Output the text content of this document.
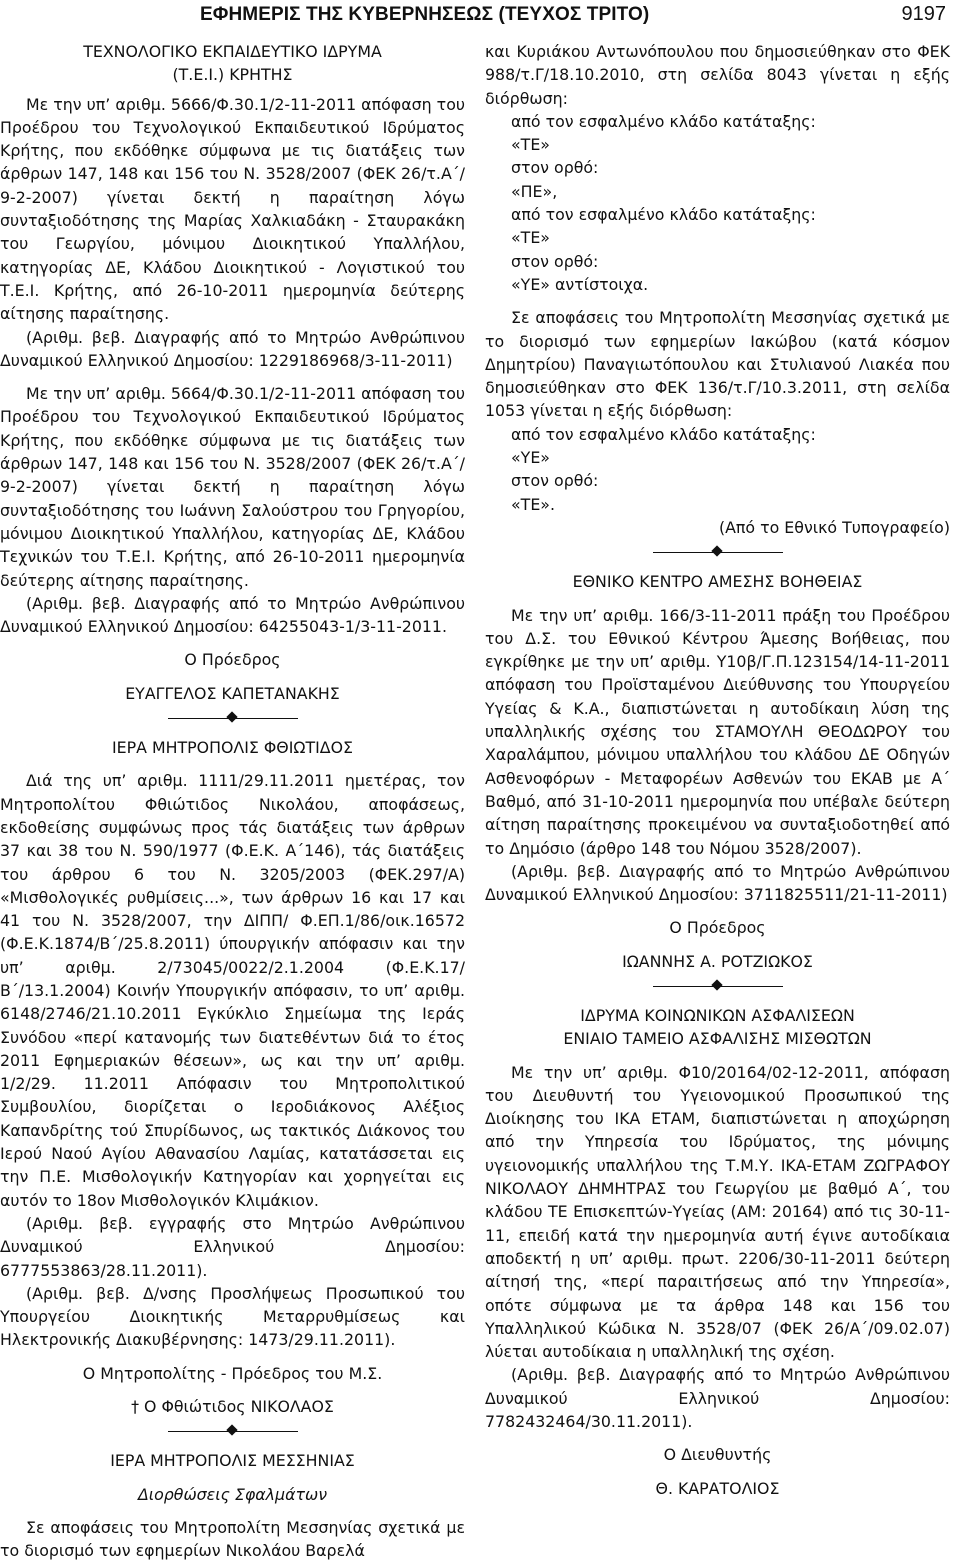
ΕΦΗΜΕΡΙΣ ΤΗΣ ΚΥΒΕΡΝΗΣΕΩΣ (ΤΕΥΧΟΣ ΤΡΙΤΟ)	9197

ΤΕΧΝΟΛΟΓΙΚΟ ΕΚΠΑΙΔΕΥΤΙΚΟ ΙΔΡΥΜΑ

(Τ.Ε.Ι.) ΚΡΗΤΗΣ

Με την υπ’ αριθμ. 5666/Φ.30.1/2-11-2011 απόφαση του Προέδρου του Τεχνολογικού Εκπαιδευτικού Ιδρύματος Κρήτης, που εκδόθηκε σύμφωνα με τις διατάξεις των άρθρων 147, 148 και 156 του Ν. 3528/2007 (ΦΕΚ 26/τ.Α΄/ 9-2-2007) γίνεται δεκτή η παραίτηση λόγω συνταξιοδότησης της Μαρίας Χαλκιαδάκη - Σταυρακάκη του Γεωργίου, μόνιμου Διοικητικού Υπαλλήλου, κατηγορίας ΔΕ, Κλάδου Διοικητικού - Λογιστικού του Τ.Ε.Ι. Κρήτης, από 26-10-2011 ημερομηνία δεύτερης αίτησης παραίτησης.

(Αριθμ. βεβ. Διαγραφής από το Μητρώο Ανθρώπινου Δυναμικού Ελληνικού Δημοσίου: 1229186968/3-11-2011)

Με την υπ’ αριθμ. 5664/Φ.30.1/2-11-2011 απόφαση του Προέδρου του Τεχνολογικού Εκπαιδευτικού Ιδρύματος Κρήτης, που εκδόθηκε σύμφωνα με τις διατάξεις των άρθρων 147, 148 και 156 του Ν. 3528/2007 (ΦΕΚ 26/τ.Α΄/ 9-2-2007) γίνεται δεκτή η παραίτηση λόγω συνταξιοδότησης του Ιωάννη Σαλούστρου του Γρηγορίου, μόνιμου Διοικητικού Υπαλλήλου, κατηγορίας ΔΕ, Κλάδου Τεχνικών του Τ.Ε.Ι. Κρήτης, από 26-10-2011 ημερομηνία δεύτερης αίτησης παραίτησης.

(Αριθμ. βεβ. Διαγραφής από το Μητρώο Ανθρώπινου Δυναμικού Ελληνικού Δημοσίου: 64255043-1/3-11-2011.

Ο Πρόεδρος

ΕΥΑΓΓΕΛΟΣ ΚΑΠΕΤΑΝΑΚΗΣ

ΙΕΡΑ ΜΗΤΡΟΠΟΛΙΣ ΦΘΙΩΤΙΔΟΣ

Διά της υπ’ αριθμ. 1111/29.11.2011 ημετέρας, τον Μητροπολίτου Φθιώτιδος Νικολάου, αποφάσεως, εκδοθείσης συμφώνως προς τάς διατάξεις των άρθρων 37 και 38 του Ν. 590/1977 (Φ.Ε.Κ. Α΄146), τάς διατάξεις του άρθρου 6 του Ν. 3205/2003 (ΦΕΚ.297/Α) «Μισθολογικές ρυθμίσεις...», των άρθρων 16 και 17 και 41 του Ν. 3528/2007, την ΔΙΠΠ/ Φ.ΕΠ.1/86/οικ.16572 (Φ.Ε.Κ.1874/Β΄/25.8.2011) ύπουργικήν απόφασιν και την υπ’ αριθμ. 2/73045/0022/2.1.2004 (Φ.Ε.Κ.17/Β΄/13.1.2004) Κοινήν Υπουργικήν απόφασιν, το υπ’ αριθμ. 6148/2746/21.10.2011 Εγκύκλιο Σημείωμα της Ιεράς Συνόδου «περί κατανομής των διατεθέντων διά το έτος 2011 Εφημεριακών θέσεων», ως και την υπ’ αριθμ. 1/2/29. 11.2011 Απόφασιν του Μητροπολιτικού Συμβουλίου, διορίζεται ο Ιεροδιάκονος Αλέξιος Καπανδρίτης τού Σπυρίδωνος, ως τακτικός Διάκονος του Ιερού Ναού Αγίου Αθανασίου Λαμίας, κατατάσσεται εις την Π.Ε. Μισθολογικήν Κατηγορίαν και χορηγείται εις αυτόν το 18ον Μισθολογικόν Κλιμάκιον.

(Αριθμ. βεβ. εγγραφής στο Μητρώο Ανθρώπινου Δυναμικού Ελληνικού Δημοσίου: 6777553863/28.11.2011).

(Αριθμ. βεβ. Δ/νσης Προσλήψεως Προσωπικού του Υπουργείου Διοικητικής Μεταρρυθμίσεως και Ηλεκτρονικής Διακυβέρνησης: 1473/29.11.2011).

Ο Μητροπολίτης - Πρόεδρος του Μ.Σ.

† Ο Φθιώτιδος ΝΙΚΟΛΑΟΣ

ΙΕΡΑ ΜΗΤΡΟΠΟΛΙΣ ΜΕΣΣΗΝΙΑΣ

Διορθώσεις Σφαλμάτων

Σε αποφάσεις του Μητροπολίτη Μεσσηνίας σχετικά με το διορισμό των εφημερίων Νικολάου Βαρελά

και Κυριάκου Αντωνόπουλου που δημοσιεύθηκαν στο ΦΕΚ 988/τ.Γ/18.10.2010, στη σελίδα 8043 γίνεται η εξής διόρθωση:

από τον εσφαλμένο κλάδο κατάταξης:

«ΤΕ»

στον ορθό:

«ΠΕ»,

από τον εσφαλμένο κλάδο κατάταξης:

«ΤΕ»

στον ορθό:

«ΥΕ» αντίστοιχα.

Σε αποφάσεις του Μητροπολίτη Μεσσηνίας σχετικά με το διορισμό των εφημερίων Ιακώβου (κατά κόσμον Δημητρίου) Παναγιωτόπουλου και Στυλιανού Λιακέα που δημοσιεύθηκαν στο ΦΕΚ 136/τ.Γ/10.3.2011, στη σελίδα 1053 γίνεται η εξής διόρθωση:

από τον εσφαλμένο κλάδο κατάταξης:

«ΥΕ»

στον ορθό:

«ΤΕ».

(Από το Εθνικό Τυπογραφείο)

ΕΘΝΙΚΟ ΚΕΝΤΡΟ ΑΜΕΣΗΣ ΒΟΗΘΕΙΑΣ

Με την υπ’ αριθμ. 166/3-11-2011 πράξη του Προέδρου του Δ.Σ. του Εθνικού Κέντρου Άμεσης Βοήθειας, που εγκρίθηκε με την υπ’ αριθμ. Υ10β/Γ.Π.123154/14-11-2011 απόφαση του Προϊσταμένου Διεύθυνσης του Υπουργείου Υγείας & Κ.Α., διαπιστώνεται η αυτοδίκαιη λύση της υπαλληλικής σχέσης του ΣΤΑΜΟΥΛΗ ΘΕΟΔΩΡΟΥ του Χαραλάμπου, μόνιμου υπαλλήλου του κλάδου ΔΕ Οδηγών Ασθενοφόρων - Μεταφορέων Ασθενών του ΕΚΑΒ με Α΄ Βαθμό, από 31-10-2011 ημερομηνία που υπέβαλε δεύτερη αίτηση παραίτησης προκειμένου να συνταξιοδοτηθεί από το Δημόσιο (άρθρο 148 του Νόμου 3528/2007).

(Αριθμ. βεβ. Διαγραφής από το Μητρώο Ανθρώπινου Δυναμικού Ελληνικού Δημοσίου: 3711825511/21-11-2011)

Ο Πρόεδρος

ΙΩΑΝΝΗΣ Α. ΡΟΤΖΙΩΚΟΣ

ΙΔΡΥΜΑ ΚΟΙΝΩΝΙΚΩΝ ΑΣΦΑΛΙΣΕΩΝ

ΕΝΙΑΙΟ ΤΑΜΕΙΟ ΑΣΦΑΛΙΣΗΣ ΜΙΣΘΩΤΩΝ

Με την υπ’ αριθμ. Φ10/20164/02-12-2011, απόφαση του Διευθυντή του Υγειονομικού Προσωπικού της Διοίκησης του ΙΚΑ ΕΤΑΜ, διαπιστώνεται η αποχώρηση από την Υπηρεσία του Ιδρύματος, της μόνιμης υγειονομικής υπαλλήλου της Τ.Μ.Υ. ΙΚΑ-ΕΤΑΜ ΖΩΓΡΑΦΟΥ ΝΙΚΟΛΑΟΥ ΔΗΜΗΤΡΑΣ του Γεωργίου με βαθμό Α΄, του κλάδου ΤΕ Επισκεπτών-Υγείας (ΑΜ: 20164) από τις 30-11-11, επειδή κατά την ημερομηνία αυτή έγινε αυτοδίκαια αποδεκτή η υπ’ αριθμ. πρωτ. 2206/30-11-2011 δεύτερη αίτησή της, «περί παραιτήσεως από την Υπηρεσία», οπότε σύμφωνα με τα άρθρα 148 και 156 του Υπαλληλικού Κώδικα Ν. 3528/07 (ΦΕΚ 26/Α΄/09.02.07) λύεται αυτοδίκαια η υπαλληλική της σχέση.

(Αριθμ. βεβ. Διαγραφής από το Μητρώο Ανθρώπινου Δυναμικού Ελληνικού Δημοσίου: 7782432464/30.11.2011).

Ο Διευθυντής

Θ. ΚΑΡΑΤΟΛΙΟΣ
